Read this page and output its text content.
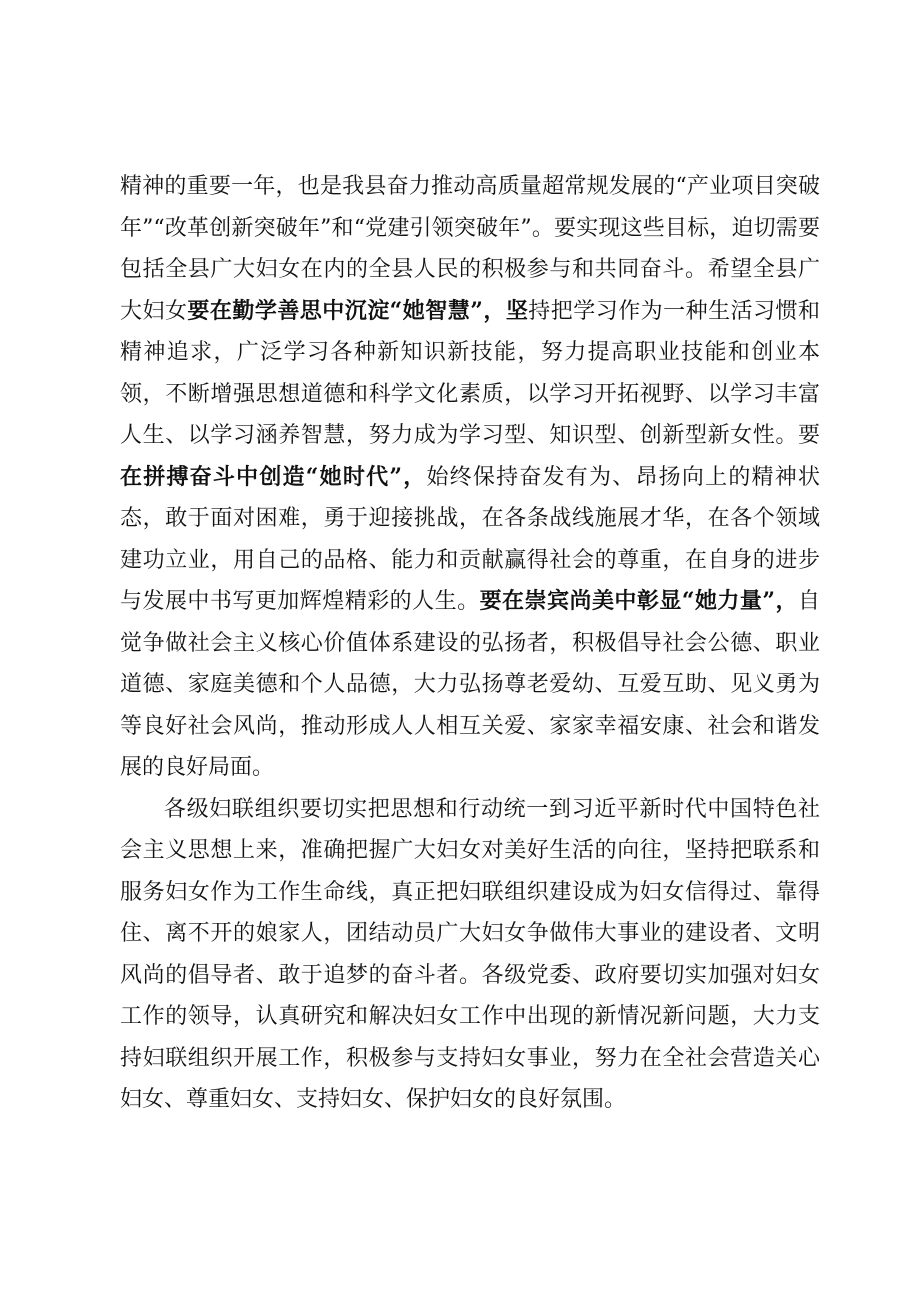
精神的重要一年，也是我县奋力推动高质量超常规发展的“产业项目突破年”“改革创新突破年”和“党建引领突破年”。要实现这些目标，迫切需要包括全县广大妇女在内的全县人民的积极参与和共同奋斗。希望全县广大妇女要在勤学善思中沉淀“她智慧”，坚持把学习作为一种生活习惯和精神追求，广泛学习各种新知识新技能，努力提高职业技能和创业本领，不断增强思想道德和科学文化素质，以学习开拓视野、以学习丰富人生、以学习涵养智慧，努力成为学习型、知识型、创新型新女性。要在拼搏奋斗中创造“她时代”，始终保持奋发有为、昂扬向上的精神状态，敢于面对困难，勇于迎接挑战，在各条战线施展才华，在各个领域建功立业，用自己的品格、能力和贡献赢得社会的尊重，在自身的进步与发展中书写更加辉煌精彩的人生。要在崇宾尚美中彰显“她力量”，自觉争做社会主义核心价值体系建设的弘扬者，积极倡导社会公德、职业道德、家庭美德和个人品德，大力弘扬尊老爱幼、互爱互助、见义勇为等良好社会风尚，推动形成人人相互关爱、家家幸福安康、社会和谐发展的良好局面。

各级妇联组织要切实把思想和行动统一到习近平新时代中国特色社会主义思想上来，准确把握广大妇女对美好生活的向往，坚持把联系和服务妇女作为工作生命线，真正把妇联组织建设成为妇女信得过、靠得住、离不开的娘家人，团结动员广大妇女争做伟大事业的建设者、文明风尚的倡导者、敢于追梦的奋斗者。各级党委、政府要切实加强对妇女工作的领导，认真研究和解决妇女工作中出现的新情况新问题，大力支持妇联组织开展工作，积极参与支持妇女事业，努力在全社会营造关心妇女、尊重妇女、支持妇女、保护妇女的良好氛围。
